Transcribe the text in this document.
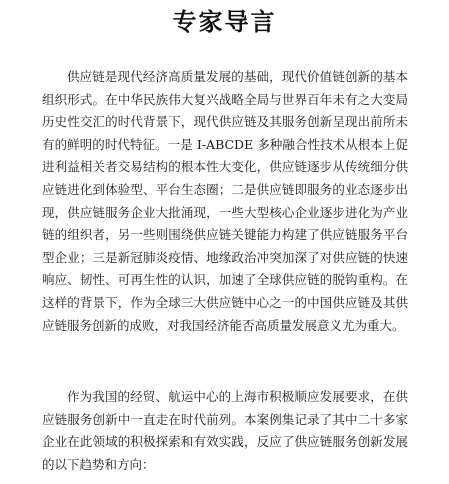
专家导言

供应链是现代经济高质量发展的基础，现代价值链创新的基本组织形式。在中华民族伟大复兴战略全局与世界百年未有之大变局历史性交汇的时代背景下，现代供应链及其服务创新呈现出前所未有的鲜明的时代特征。一是 I-ABCDE 多种融合性技术从根本上促进利益相关者交易结构的根本性大变化，供应链逐步从传统细分供应链进化到体验型、平台生态圈；二是供应链即服务的业态逐步出现，供应链服务企业大批涌现，一些大型核心企业逐步进化为产业链的组织者，另一些则围绕供应链关键能力构建了供应链服务平台型企业；三是新冠肺炎疫情、地缘政治冲突加深了对供应链的快速响应、韧性、可再生性的认识，加速了全球供应链的脱钩重构。在这样的背景下，作为全球三大供应链中心之一的中国供应链及其供应链服务创新的成败，对我国经济能否高质量发展意义尤为重大。

作为我国的经贸、航运中心的上海市积极顺应发展要求，在供应链服务创新中一直走在时代前列。本案例集记录了其中二十多家企业在此领域的积极探索和有效实践，反应了供应链服务创新发展的以下趋势和方向：
